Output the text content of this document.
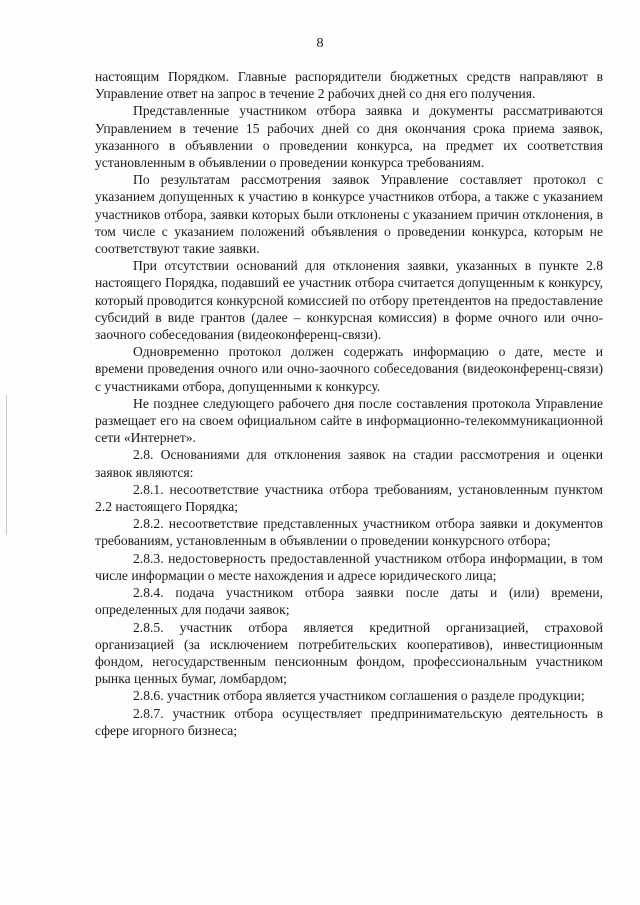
8

настоящим Порядком. Главные распорядители бюджетных средств направляют в Управление ответ на запрос в течение 2 рабочих дней со дня его получения.

Представленные участником отбора заявка и документы рассматриваются Управлением в течение 15 рабочих дней со дня окончания срока приема заявок, указанного в объявлении о проведении конкурса, на предмет их соответствия установленным в объявлении о проведении конкурса требованиям.

По результатам рассмотрения заявок Управление составляет протокол с указанием допущенных к участию в конкурсе участников отбора, а также с указанием участников отбора, заявки которых были отклонены с указанием причин отклонения, в том числе с указанием положений объявления о проведении конкурса, которым не соответствуют такие заявки.

При отсутствии оснований для отклонения заявки, указанных в пункте 2.8 настоящего Порядка, подавший ее участник отбора считается допущенным к конкурсу, который проводится конкурсной комиссией по отбору претендентов на предоставление субсидий в виде грантов (далее – конкурсная комиссия) в форме очного или очно-заочного собеседования (видеоконференц-связи).

Одновременно протокол должен содержать информацию о дате, месте и времени проведения очного или очно-заочного собеседования (видеоконференц-связи) с участниками отбора, допущенными к конкурсу.

Не позднее следующего рабочего дня после составления протокола Управление размещает его на своем официальном сайте в информационно-телекоммуникационной сети «Интернет».

2.8. Основаниями для отклонения заявок на стадии рассмотрения и оценки заявок являются:

2.8.1. несоответствие участника отбора требованиям, установленным пунктом 2.2 настоящего Порядка;

2.8.2. несоответствие представленных участником отбора заявки и документов требованиям, установленным в объявлении о проведении конкурсного отбора;

2.8.3. недостоверность предоставленной участником отбора информации, в том числе информации о месте нахождения и адресе юридического лица;

2.8.4. подача участником отбора заявки после даты и (или) времени, определенных для подачи заявок;

2.8.5. участник отбора является кредитной организацией, страховой организацией (за исключением потребительских кооперативов), инвестиционным фондом, негосударственным пенсионным фондом, профессиональным участником рынка ценных бумаг, ломбардом;

2.8.6. участник отбора является участником соглашения о разделе продукции;

2.8.7. участник отбора осуществляет предпринимательскую деятельность в сфере игорного бизнеса;
